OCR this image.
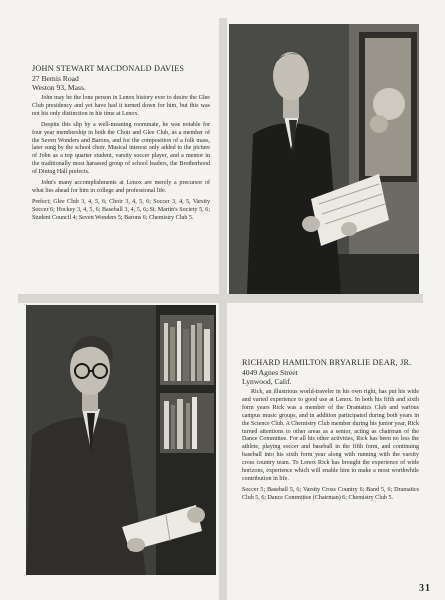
JOHN STEWART MACDONALD DAVIES
27 Bemis Road
Weston 93, Mass.

John may be the lone person in Lenox history ever to desire the Glee Club presidency and yet have had it turned down for him, but this was not his only distinction in his time at Lenox.

Despite this slip by a well-meaning roommate, he was notable for four year membership in both the Choir and Glee Club, as a member of the Seven Wonders and Barons, and for the composition of a folk mass, later sung by the school choir. Musical interest only added to the picture of John as a top quarter student, varsity soccer player, and a mentor in the traditionally most harassed group of school leaders, the Brotherhood of Dining Hall prefects.

John's many accomplishments at Lenox are merely a precursor of what lies ahead for him in college and professional life.

Prefect; Glee Club 3, 4, 5, 6; Choir 3, 4, 5, 6; Soccer 3, 4, 5, Varsity Soccer 6; Hockey 3, 4, 5, 6; Baseball 3, 4, 5, 6; St. Martin's Society 5, 6; Student Council 4; Seven Wonders 5; Barons 6; Chemistry Club 5.

RICHARD HAMILTON BRYARLIE DEAR, JR.
4049 Agnes Street
Lynwood, Calif.

Rick, an illustrious world-traveler in his own right, has put his wide and varied experience to good use at Lenox. In both his fifth and sixth form years Rick was a member of the Dramatics Club and various campus music groups, and in addition participated during both years in the Science Club. A Chemistry Club member during his junior year, Rick turned attentions to other areas as a senior, acting as chairman of the Dance Committee. For all his other activities, Rick has been no less the athlete, playing soccer and baseball in the fifth form, and continuing baseball into his sixth form year along with running with the varsity cross country team. To Lenox Rick has brought the experience of wide horizons, experience which will enable him to make a most worthwhile contribution in life.

Soccer 5; Baseball 5, 6; Varsity Cross Country 6; Band 5, 6; Dramatics Club 5, 6; Dance Committee (Chairman) 6; Chemistry Club 5.

31
